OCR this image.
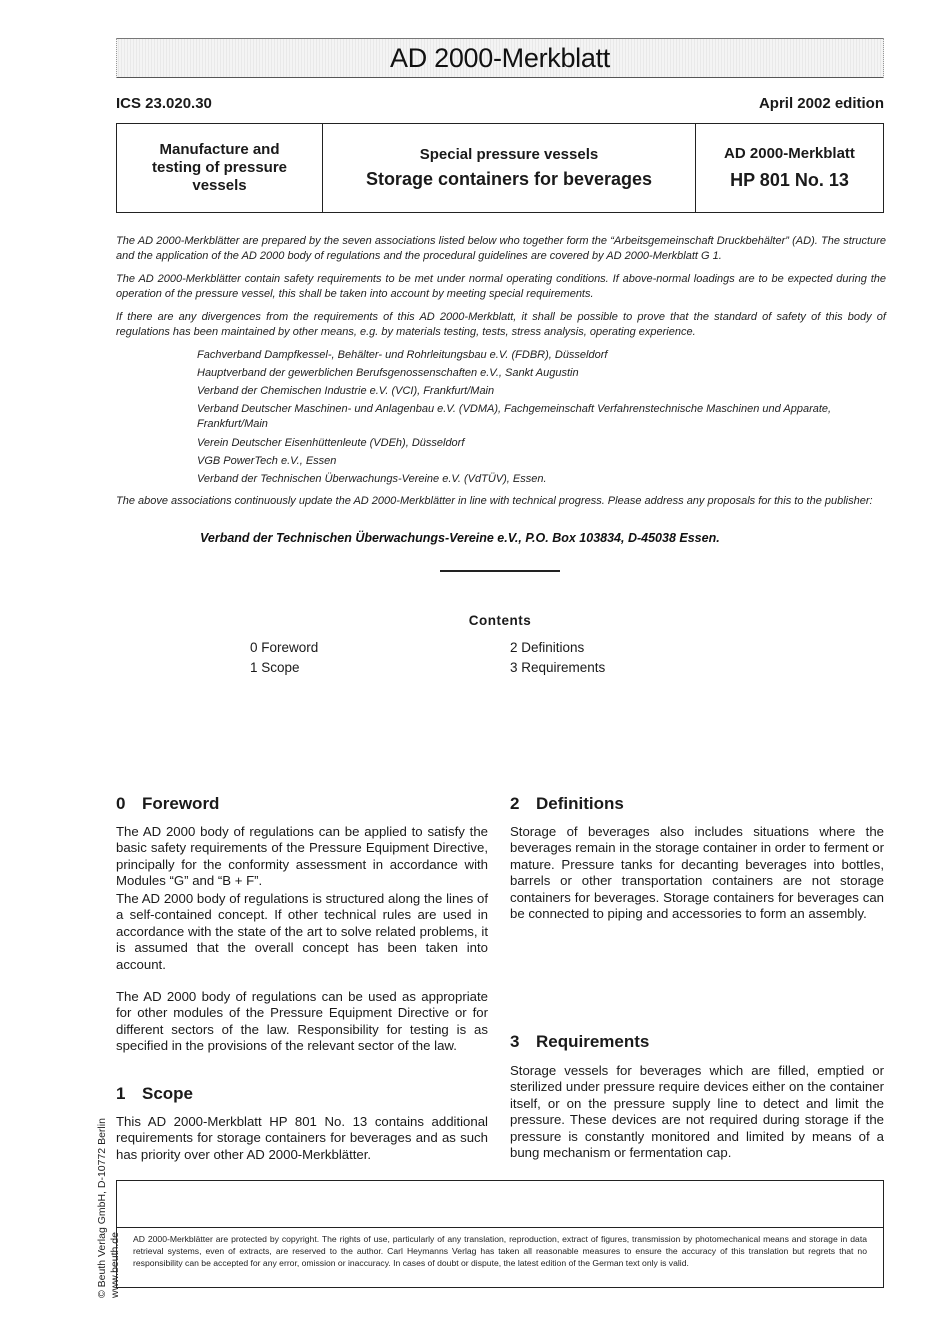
AD 2000-Merkblatt
ICS 23.020.30	April 2002 edition
Manufacture and testing of pressure vessels
Special pressure vessels
Storage containers for beverages
AD 2000-Merkblatt
HP 801 No. 13

The AD 2000-Merkblätter are prepared by the seven associations listed below who together form the “Arbeitsgemeinschaft Druckbehälter” (AD). The structure and the application of the AD 2000 body of regulations and the procedural guidelines are covered by AD 2000-Merkblatt G 1.

The AD 2000-Merkblätter contain safety requirements to be met under normal operating conditions. If above-normal loadings are to be expected during the operation of the pressure vessel, this shall be taken into account by meeting special requirements.

If there are any divergences from the requirements of this AD 2000-Merkblatt, it shall be possible to prove that the standard of safety of this body of regulations has been maintained by other means, e.g. by materials testing, tests, stress analysis, operating experience.

Fachverband Dampfkessel-, Behälter- und Rohrleitungsbau e.V. (FDBR), Düsseldorf

Hauptverband der gewerblichen Berufsgenossenschaften e.V., Sankt Augustin

Verband der Chemischen Industrie e.V. (VCI), Frankfurt/Main

Verband Deutscher Maschinen- und Anlagenbau e.V. (VDMA), Fachgemeinschaft Verfahrenstechnische Maschinen und Apparate, Frankfurt/Main

Verein Deutscher Eisenhüttenleute (VDEh), Düsseldorf

VGB PowerTech e.V., Essen

Verband der Technischen Überwachungs-Vereine e.V. (VdTÜV), Essen.

The above associations continuously update the AD 2000-Merkblätter in line with technical progress. Please address any proposals for this to the publisher:

Verband der Technischen Überwachungs-Vereine e.V., P.O. Box 103834, D-45038 Essen.

Contents
0 Foreword
1 Scope
2 Definitions
3 Requirements
0 Foreword

The AD 2000 body of regulations can be applied to satisfy the basic safety requirements of the Pressure Equipment Directive, principally for the conformity assessment in accordance with Modules “G” and “B + F”.

The AD 2000 body of regulations is structured along the lines of a self-contained concept. If other technical rules are used in accordance with the state of the art to solve related problems, it is assumed that the overall concept has been taken into account.

The AD 2000 body of regulations can be used as appropriate for other modules of the Pressure Equipment Directive or for different sectors of the law. Responsibility for testing is as specified in the provisions of the relevant sector of the law.

1 Scope

This AD 2000-Merkblatt HP 801 No. 13 contains additional requirements for storage containers for beverages and as such has priority over other AD 2000-Merkblätter.

2 Definitions

Storage of beverages also includes situations where the beverages remain in the storage container in order to ferment or mature. Pressure tanks for decanting beverages into bottles, barrels or other transportation containers are not storage containers for beverages. Storage containers for beverages can be connected to piping and accessories to form an assembly.

3 Requirements

Storage vessels for beverages which are filled, emptied or sterilized under pressure require devices either on the container itself, or on the pressure supply line to detect and limit the pressure. These devices are not required during storage if the pressure is constantly monitored and limited by means of a bung mechanism or fermentation cap.

© Beuth Verlag GmbH, D-10772 Berlin www.beuth.de AD 2000-Merkblätter are protected by copyright. The rights of use, particularly of any translation, reproduction, extract of figures, transmission by photomechanical means and storage in data retrieval systems, even of extracts, are reserved to the author. Carl Heymanns Verlag has taken all reasonable measures to ensure the accuracy of this translation but regrets that no responsibility can be accepted for any error, omission or inaccuracy. In cases of doubt or dispute, the latest edition of the German text only is valid.
